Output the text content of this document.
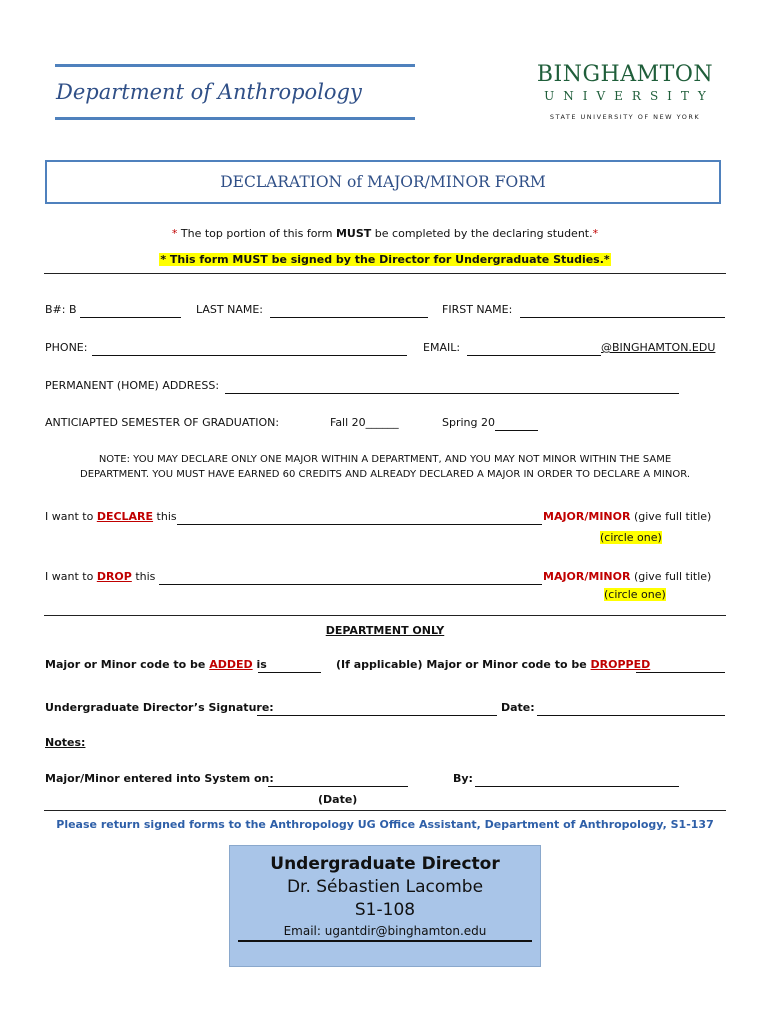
Department of Anthropology
BINGHAMTON
UNIVERSITY
STATE UNIVERSITY OF NEW YORK
DECLARATION of MAJOR/MINOR FORM
* The top portion of this form MUST be completed by the declaring student.*
* This form MUST be signed by the Director for Undergraduate Studies.*
B#: B	LAST NAME:	FIRST NAME:
PHONE:	EMAIL:	@BINGHAMTON.EDU
PERMANENT (HOME) ADDRESS:
ANTICIAPTED SEMESTER OF GRADUATION:	Fall 20______	Spring 20
NOTE: YOU MAY DECLARE ONLY ONE MAJOR WITHIN A DEPARTMENT, AND YOU MAY NOT MINOR WITHIN THE SAME
DEPARTMENT. YOU MUST HAVE EARNED 60 CREDITS AND ALREADY DECLARED A MAJOR IN ORDER TO DECLARE A MINOR.
I want to DECLARE this	MAJOR/MINOR (give full title)
(circle one)
I want to DROP this	MAJOR/MINOR (give full title)
(circle one)
DEPARTMENT ONLY
Major or Minor code to be ADDED is	(If applicable) Major or Minor code to be DROPPED
Undergraduate Director’s Signature:	Date:
Notes:
Major/Minor entered into System on:	By:
(Date)
Please return signed forms to the Anthropology UG Office Assistant, Department of Anthropology, S1-137
Undergraduate Director
Dr. Sébastien Lacombe
S1-108
Email: ugantdir@binghamton.edu
